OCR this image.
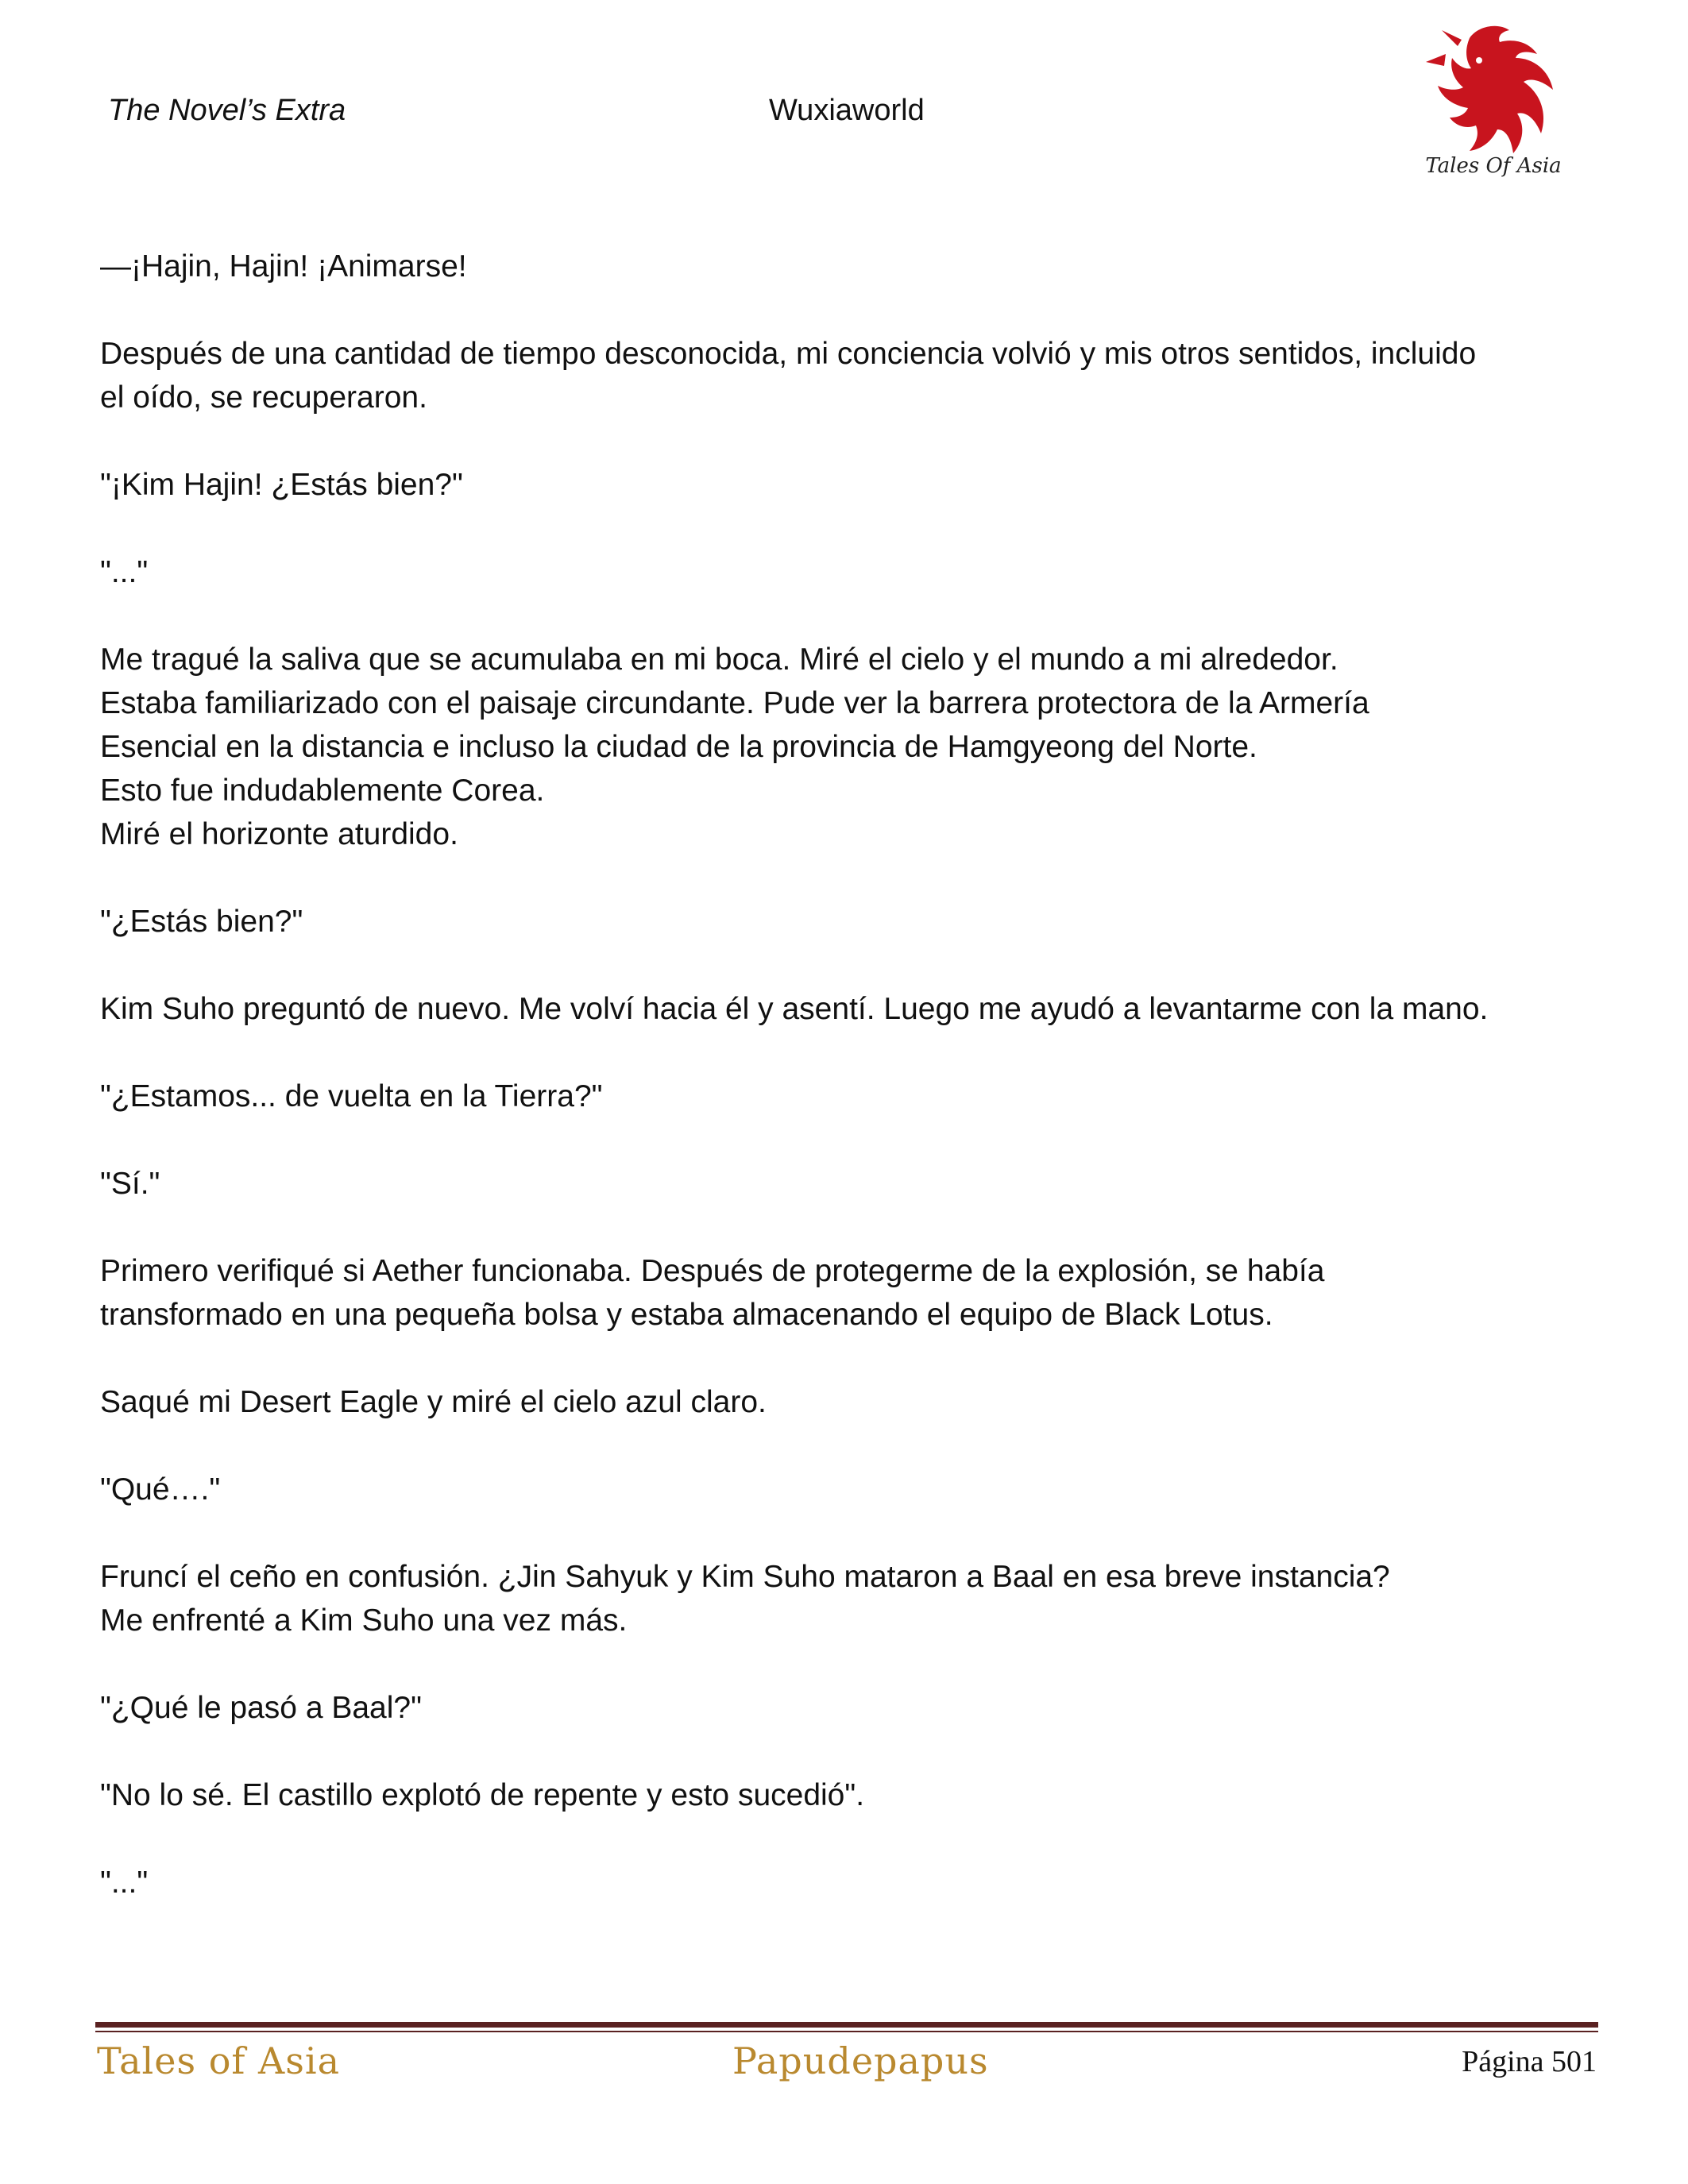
The Novel’s Extra	Wuxiaworld
Tales Of Asia
—¡Hajin, Hajin! ¡Animarse!
Después de una cantidad de tiempo desconocida, mi conciencia volvió y mis otros sentidos, incluido
el oído, se recuperaron.
"¡Kim Hajin! ¿Estás bien?"
"..."
Me tragué la saliva que se acumulaba en mi boca. Miré el cielo y el mundo a mi alrededor.
Estaba familiarizado con el paisaje circundante. Pude ver la barrera protectora de la Armería
Esencial en la distancia e incluso la ciudad de la provincia de Hamgyeong del Norte.
Esto fue indudablemente Corea.
Miré el horizonte aturdido.
"¿Estás bien?"
Kim Suho preguntó de nuevo. Me volví hacia él y asentí. Luego me ayudó a levantarme con la mano.
"¿Estamos... de vuelta en la Tierra?"
"Sí."
Primero verifiqué si Aether funcionaba. Después de protegerme de la explosión, se había
transformado en una pequeña bolsa y estaba almacenando el equipo de Black Lotus.
Saqué mi Desert Eagle y miré el cielo azul claro.
"Qué…."
Fruncí el ceño en confusión. ¿Jin Sahyuk y Kim Suho mataron a Baal en esa breve instancia?
Me enfrenté a Kim Suho una vez más.
"¿Qué le pasó a Baal?"
"No lo sé. El castillo explotó de repente y esto sucedió".
"..."
Tales of Asia	Papudepapus	Página 501
